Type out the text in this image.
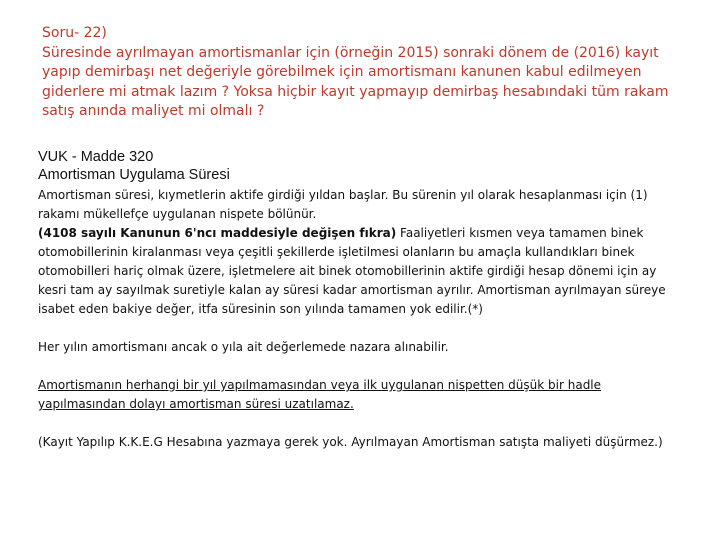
Soru- 22)

Süresinde ayrılmayan amortismanlar için (örneğin 2015) sonraki dönem de (2016) kayıt yapıp demirbaşı net değeriyle görebilmek için amortismanı kanunen kabul edilmeyen giderlere mi atmak lazım ? Yoksa hiçbir kayıt yapmayıp demirbaş hesabındaki tüm rakam satış anında maliyet mi olmalı ?

VUK - Madde 320
Amortisman Uygulama Süresi

Amortisman süresi, kıymetlerin aktife girdiği yıldan başlar. Bu sürenin yıl olarak hesaplanması için (1) rakamı mükellefçe uygulanan nispete bölünür.

(4108 sayılı Kanunun 6'ncı maddesiyle değişen fıkra) Faaliyetleri kısmen veya tamamen binek otomobillerinin kiralanması veya çeşitli şekillerde işletilmesi olanların bu amaçla kullandıkları binek otomobilleri hariç olmak üzere, işletmelere ait binek otomobillerinin aktife girdiği hesap dönemi için ay kesri tam ay sayılmak suretiyle kalan ay süresi kadar amortisman ayrılır. Amortisman ayrılmayan süreye isabet eden bakiye değer, itfa süresinin son yılında tamamen yok edilir.(*)

Her yılın amortismanı ancak o yıla ait değerlemede nazara alınabilir.

Amortismanın herhangi bir yıl yapılmamasından veya ilk uygulanan nispetten düşük bir hadle yapılmasından dolayı amortisman süresi uzatılamaz.

(Kayıt Yapılıp K.K.E.G Hesabına yazmaya gerek yok. Ayrılmayan Amortisman satışta maliyeti düşürmez.)
